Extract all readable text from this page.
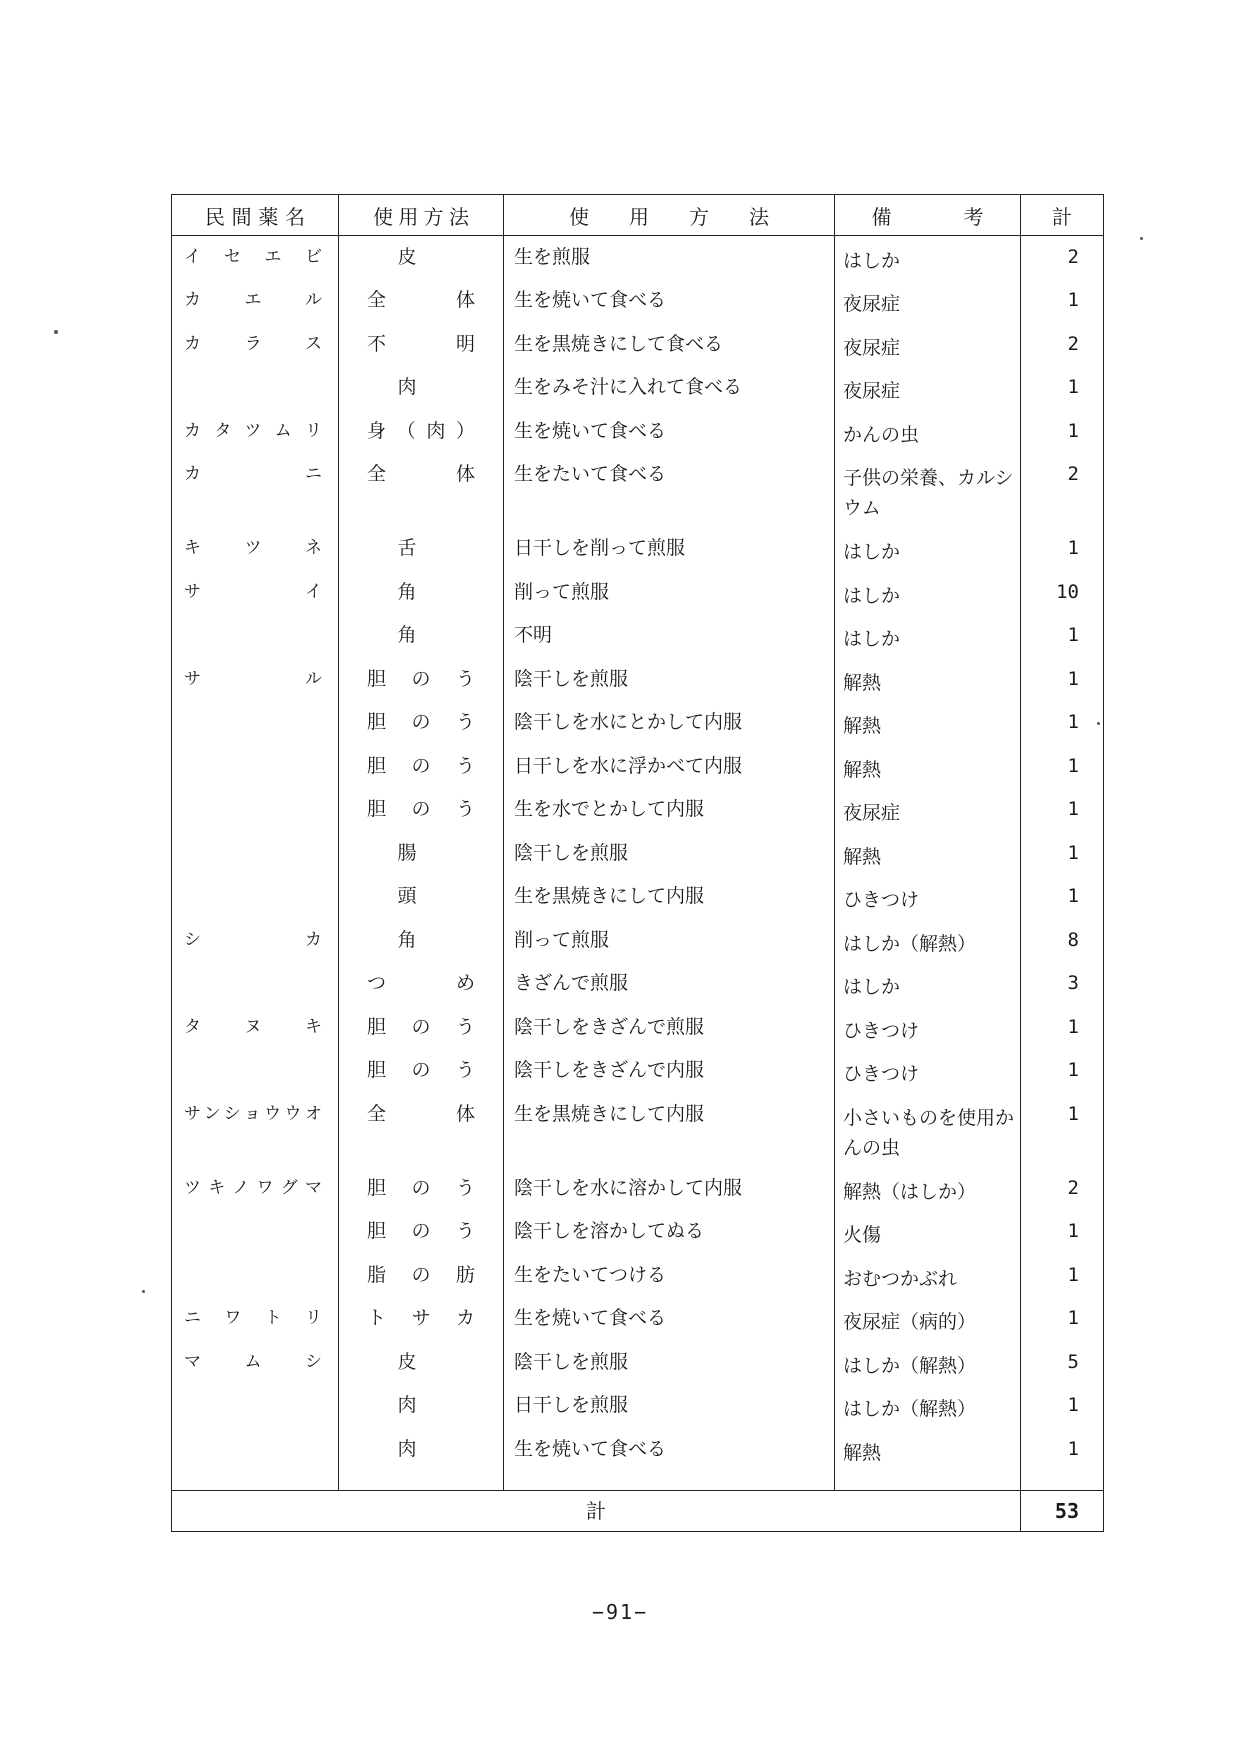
民間薬名	使用方法	使　用　方　法	備　　考	計
イセエビ	皮	生を煎服	はしか	2
カエル	全体	生を焼いて食べる	夜尿症	1
カラス	不明	生を黒焼きにして食べる	夜尿症	2
	肉	生をみそ汁に入れて食べる	夜尿症	1
カタツムリ	身（肉）	生を焼いて食べる	かんの虫	1
カ　　ニ	全体	生をたいて食べる	子供の栄養、カルシウム	2
キツネ	舌	日干しを削って煎服	はしか	1
サ　　イ	角	削って煎服	はしか	10
	角	不明	はしか	1
サ　　ル	胆のう	陰干しを煎服	解熱	1
	胆のう	陰干しを水にとかして内服	解熱	1
	胆のう	日干しを水に浮かべて内服	解熱	1
	胆のう	生を水でとかして内服	夜尿症	1
	腸	陰干しを煎服	解熱	1
	頭	生を黒焼きにして内服	ひきつけ	1
シ　　カ	角	削って煎服	はしか（解熱）	8
	つめ	きざんで煎服	はしか	3
タヌキ	胆のう	陰干しをきざんで煎服	ひきつけ	1
	胆のう	陰干しをきざんで内服	ひきつけ	1
サンショウウオ	全体	生を黒焼きにして内服	小さいものを使用かんの虫	1
ツキノワグマ	胆のう	陰干しを水に溶かして内服	解熱（はしか）	2
	胆のう	陰干しを溶かしてぬる	火傷	1
	脂の肪	生をたいてつける	おむつかぶれ	1
ニワトリ	トサカ	生を焼いて食べる	夜尿症（病的）	1
マムシ	皮	陰干しを煎服	はしか（解熱）	5
	肉	日干しを煎服	はしか（解熱）	1
	肉	生を焼いて食べる	解熱	1
計				53
−91−
